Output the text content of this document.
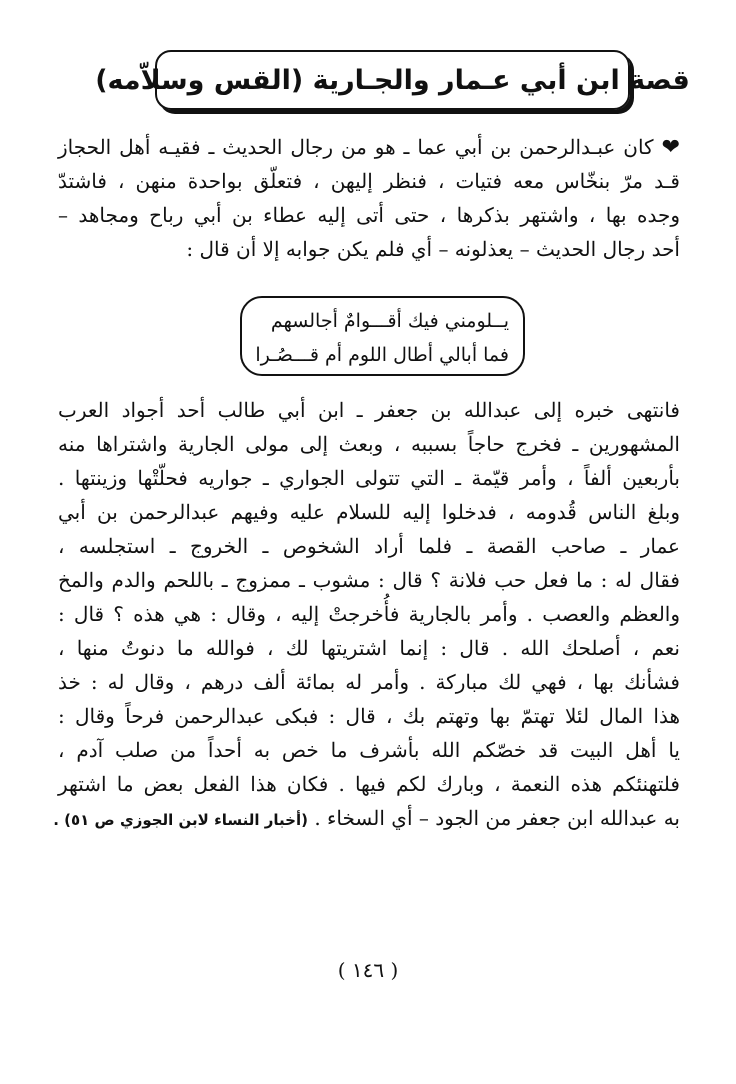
قصة ابن أبي عـمار والجـارية (القس وسلاّمه)
❤كان عبـدالرحمن بن أبي عما ـ هو من رجال الحديث ـ فقيـه أهل الحجاز
قـد مرّ بنخّاس معه فتيات ، فنظر إليهن ، فتعلّق بواحدة منهن ، فاشتدّ
وجده بها ، واشتهر بذكرها ، حتى أتى إليه عطاء بن أبي رباح ومجاهد –
أحد رجال الحديث – يعذلونه – أي فلم يكن جوابه إلا أن قال :
يــلومني فيك أقـــوامٌ أجالسهم
فما أبالي أطال اللوم أم قـــصُـرا
فانتهى خبره إلى عبدالله بن جعفر ـ ابن أبي طالب أحد أجواد العرب
المشهورين ـ فخرج حاجاً بسببه ، وبعث إلى مولى الجارية واشتراها منه
بأربعين ألفاً ، وأمر قيّمة ـ التي تتولى الجواري ـ جواريه فحلّتْها وزينتها .
وبلغ الناس قُدومه ، فدخلوا إليه للسلام عليه وفيهم عبدالرحمن بن أبي
عمار ـ صاحب القصة ـ فلما أراد الشخوص ـ الخروج ـ استجلسه ،
فقال له : ما فعل حب فلانة ؟ قال : مشوب ـ ممزوج ـ باللحم والدم والمخ
والعظم والعصب . وأمر بالجارية فأُخرجتْ إليه ، وقال : هي هذه ؟ قال :
نعم ، أصلحك الله . قال : إنما اشتريتها لك ، فوالله ما دنوتُ منها ،
فشأنك بها ، فهي لك مباركة . وأمر له بمائة ألف درهم ، وقال له : خذ
هذا المال لئلا تهتمّ بها وتهتم بك ، قال : فبكى عبدالرحمن فرحاً وقال :
يا أهل البيت قد خصّكم الله بأشرف ما خص به أحداً من صلب آدم ،
فلتهنئكم هذه النعمة ، وبارك لكم فيها . فكان هذا الفعل بعض ما اشتهر
به عبدالله ابن جعفر من الجود – أي السخاء . (أخبار النساء لابن الجوزي ص ٥١) .
( ١٤٦ )
